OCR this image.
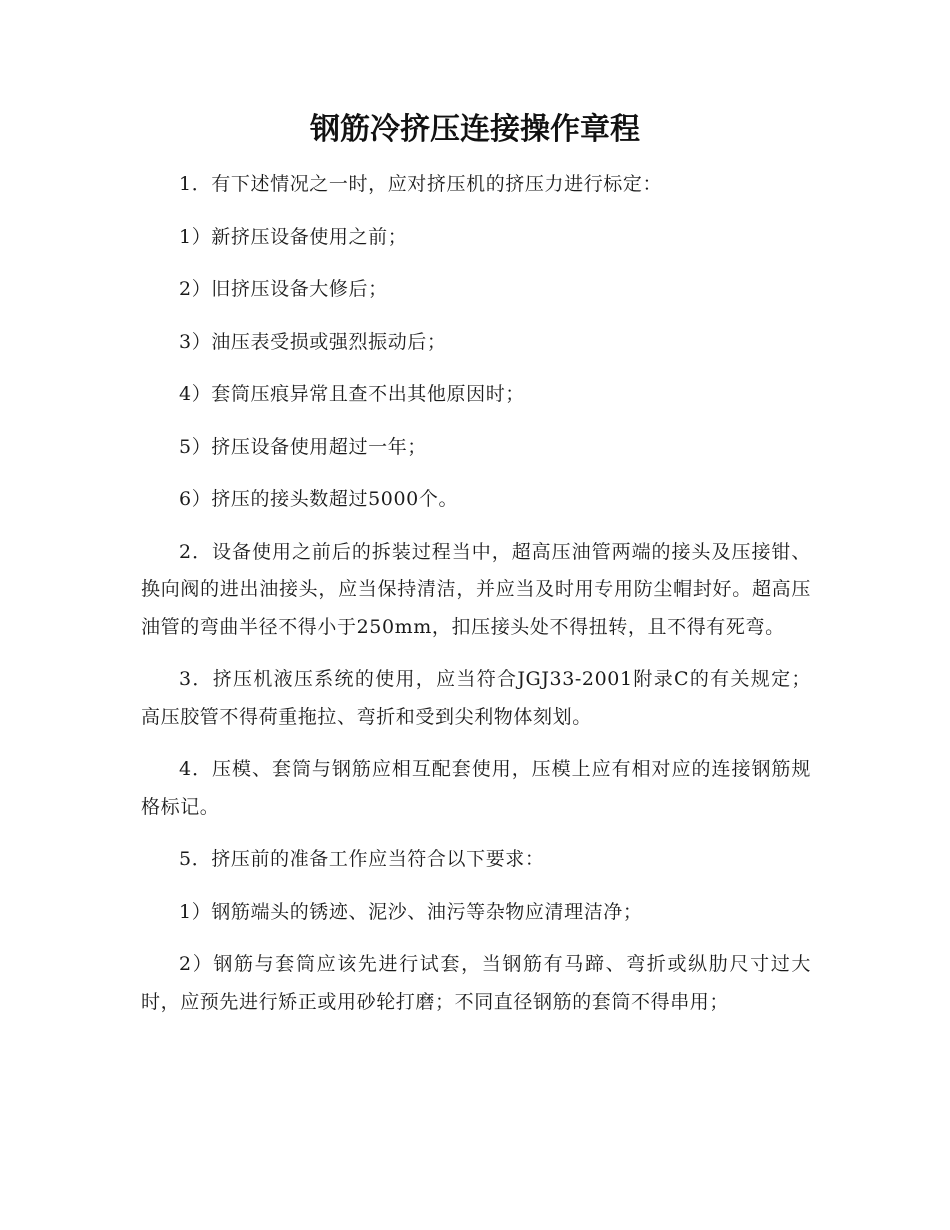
钢筋冷挤压连接操作章程

1．有下述情况之一时，应对挤压机的挤压力进行标定：

1）新挤压设备使用之前；

2）旧挤压设备大修后；

3）油压表受损或强烈振动后；

4）套筒压痕异常且查不出其他原因时；

5）挤压设备使用超过一年；

6）挤压的接头数超过5000个。

2．设备使用之前后的拆装过程当中，超高压油管两端的接头及压接钳、换向阀的进出油接头，应当保持清洁，并应当及时用专用防尘帽封好。超高压油管的弯曲半径不得小于250mm，扣压接头处不得扭转，且不得有死弯。

3．挤压机液压系统的使用，应当符合JGJ33-2001附录C的有关规定；高压胶管不得荷重拖拉、弯折和受到尖利物体刻划。

4．压模、套筒与钢筋应相互配套使用，压模上应有相对应的连接钢筋规格标记。

5．挤压前的准备工作应当符合以下要求：

1）钢筋端头的锈迹、泥沙、油污等杂物应清理洁净；

2）钢筋与套筒应该先进行试套，当钢筋有马蹄、弯折或纵肋尺寸过大时，应预先进行矫正或用砂轮打磨；不同直径钢筋的套筒不得串用；
